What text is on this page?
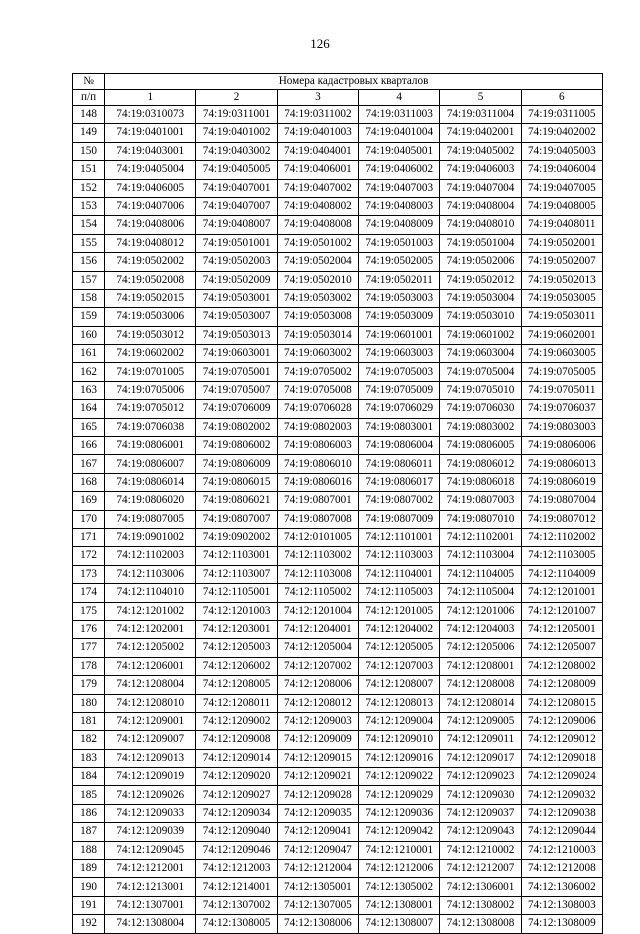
126
№	Номера кадастровых кварталов					
п/п	1	2	3	4	5	6
148	74:19:0310073	74:19:0311001	74:19:0311002	74:19:0311003	74:19:0311004	74:19:0311005
149	74:19:0401001	74:19:0401002	74:19:0401003	74:19:0401004	74:19:0402001	74:19:0402002
150	74:19:0403001	74:19:0403002	74:19:0404001	74:19:0405001	74:19:0405002	74:19:0405003
151	74:19:0405004	74:19:0405005	74:19:0406001	74:19:0406002	74:19:0406003	74:19:0406004
152	74:19:0406005	74:19:0407001	74:19:0407002	74:19:0407003	74:19:0407004	74:19:0407005
153	74:19:0407006	74:19:0407007	74:19:0408002	74:19:0408003	74:19:0408004	74:19:0408005
154	74:19:0408006	74:19:0408007	74:19:0408008	74:19:0408009	74:19:0408010	74:19:0408011
155	74:19:0408012	74:19:0501001	74:19:0501002	74:19:0501003	74:19:0501004	74:19:0502001
156	74:19:0502002	74:19:0502003	74:19:0502004	74:19:0502005	74:19:0502006	74:19:0502007
157	74:19:0502008	74:19:0502009	74:19:0502010	74:19:0502011	74:19:0502012	74:19:0502013
158	74:19:0502015	74:19:0503001	74:19:0503002	74:19:0503003	74:19:0503004	74:19:0503005
159	74:19:0503006	74:19:0503007	74:19:0503008	74:19:0503009	74:19:0503010	74:19:0503011
160	74:19:0503012	74:19:0503013	74:19:0503014	74:19:0601001	74:19:0601002	74:19:0602001
161	74:19:0602002	74:19:0603001	74:19:0603002	74:19:0603003	74:19:0603004	74:19:0603005
162	74:19:0701005	74:19:0705001	74:19:0705002	74:19:0705003	74:19:0705004	74:19:0705005
163	74:19:0705006	74:19:0705007	74:19:0705008	74:19:0705009	74:19:0705010	74:19:0705011
164	74:19:0705012	74:19:0706009	74:19:0706028	74:19:0706029	74:19:0706030	74:19:0706037
165	74:19:0706038	74:19:0802002	74:19:0802003	74:19:0803001	74:19:0803002	74:19:0803003
166	74:19:0806001	74:19:0806002	74:19:0806003	74:19:0806004	74:19:0806005	74:19:0806006
167	74:19:0806007	74:19:0806009	74:19:0806010	74:19:0806011	74:19:0806012	74:19:0806013
168	74:19:0806014	74:19:0806015	74:19:0806016	74:19:0806017	74:19:0806018	74:19:0806019
169	74:19:0806020	74:19:0806021	74:19:0807001	74:19:0807002	74:19:0807003	74:19:0807004
170	74:19:0807005	74:19:0807007	74:19:0807008	74:19:0807009	74:19:0807010	74:19:0807012
171	74:19:0901002	74:19:0902002	74:12:0101005	74:12:1101001	74:12:1102001	74:12:1102002
172	74:12:1102003	74:12:1103001	74:12:1103002	74:12:1103003	74:12:1103004	74:12:1103005
173	74:12:1103006	74:12:1103007	74:12:1103008	74:12:1104001	74:12:1104005	74:12:1104009
174	74:12:1104010	74:12:1105001	74:12:1105002	74:12:1105003	74:12:1105004	74:12:1201001
175	74:12:1201002	74:12:1201003	74:12:1201004	74:12:1201005	74:12:1201006	74:12:1201007
176	74:12:1202001	74:12:1203001	74:12:1204001	74:12:1204002	74:12:1204003	74:12:1205001
177	74:12:1205002	74:12:1205003	74:12:1205004	74:12:1205005	74:12:1205006	74:12:1205007
178	74:12:1206001	74:12:1206002	74:12:1207002	74:12:1207003	74:12:1208001	74:12:1208002
179	74:12:1208004	74:12:1208005	74:12:1208006	74:12:1208007	74:12:1208008	74:12:1208009
180	74:12:1208010	74:12:1208011	74:12:1208012	74:12:1208013	74:12:1208014	74:12:1208015
181	74:12:1209001	74:12:1209002	74:12:1209003	74:12:1209004	74:12:1209005	74:12:1209006
182	74:12:1209007	74:12:1209008	74:12:1209009	74:12:1209010	74:12:1209011	74:12:1209012
183	74:12:1209013	74:12:1209014	74:12:1209015	74:12:1209016	74:12:1209017	74:12:1209018
184	74:12:1209019	74:12:1209020	74:12:1209021	74:12:1209022	74:12:1209023	74:12:1209024
185	74:12:1209026	74:12:1209027	74:12:1209028	74:12:1209029	74:12:1209030	74:12:1209032
186	74:12:1209033	74:12:1209034	74:12:1209035	74:12:1209036	74:12:1209037	74:12:1209038
187	74:12:1209039	74:12:1209040	74:12:1209041	74:12:1209042	74:12:1209043	74:12:1209044
188	74:12:1209045	74:12:1209046	74:12:1209047	74:12:1210001	74:12:1210002	74:12:1210003
189	74:12:1212001	74:12:1212003	74:12:1212004	74:12:1212006	74:12:1212007	74:12:1212008
190	74:12:1213001	74:12:1214001	74:12:1305001	74:12:1305002	74:12:1306001	74:12:1306002
191	74:12:1307001	74:12:1307002	74:12:1307005	74:12:1308001	74:12:1308002	74:12:1308003
192	74:12:1308004	74:12:1308005	74:12:1308006	74:12:1308007	74:12:1308008	74:12:1308009
